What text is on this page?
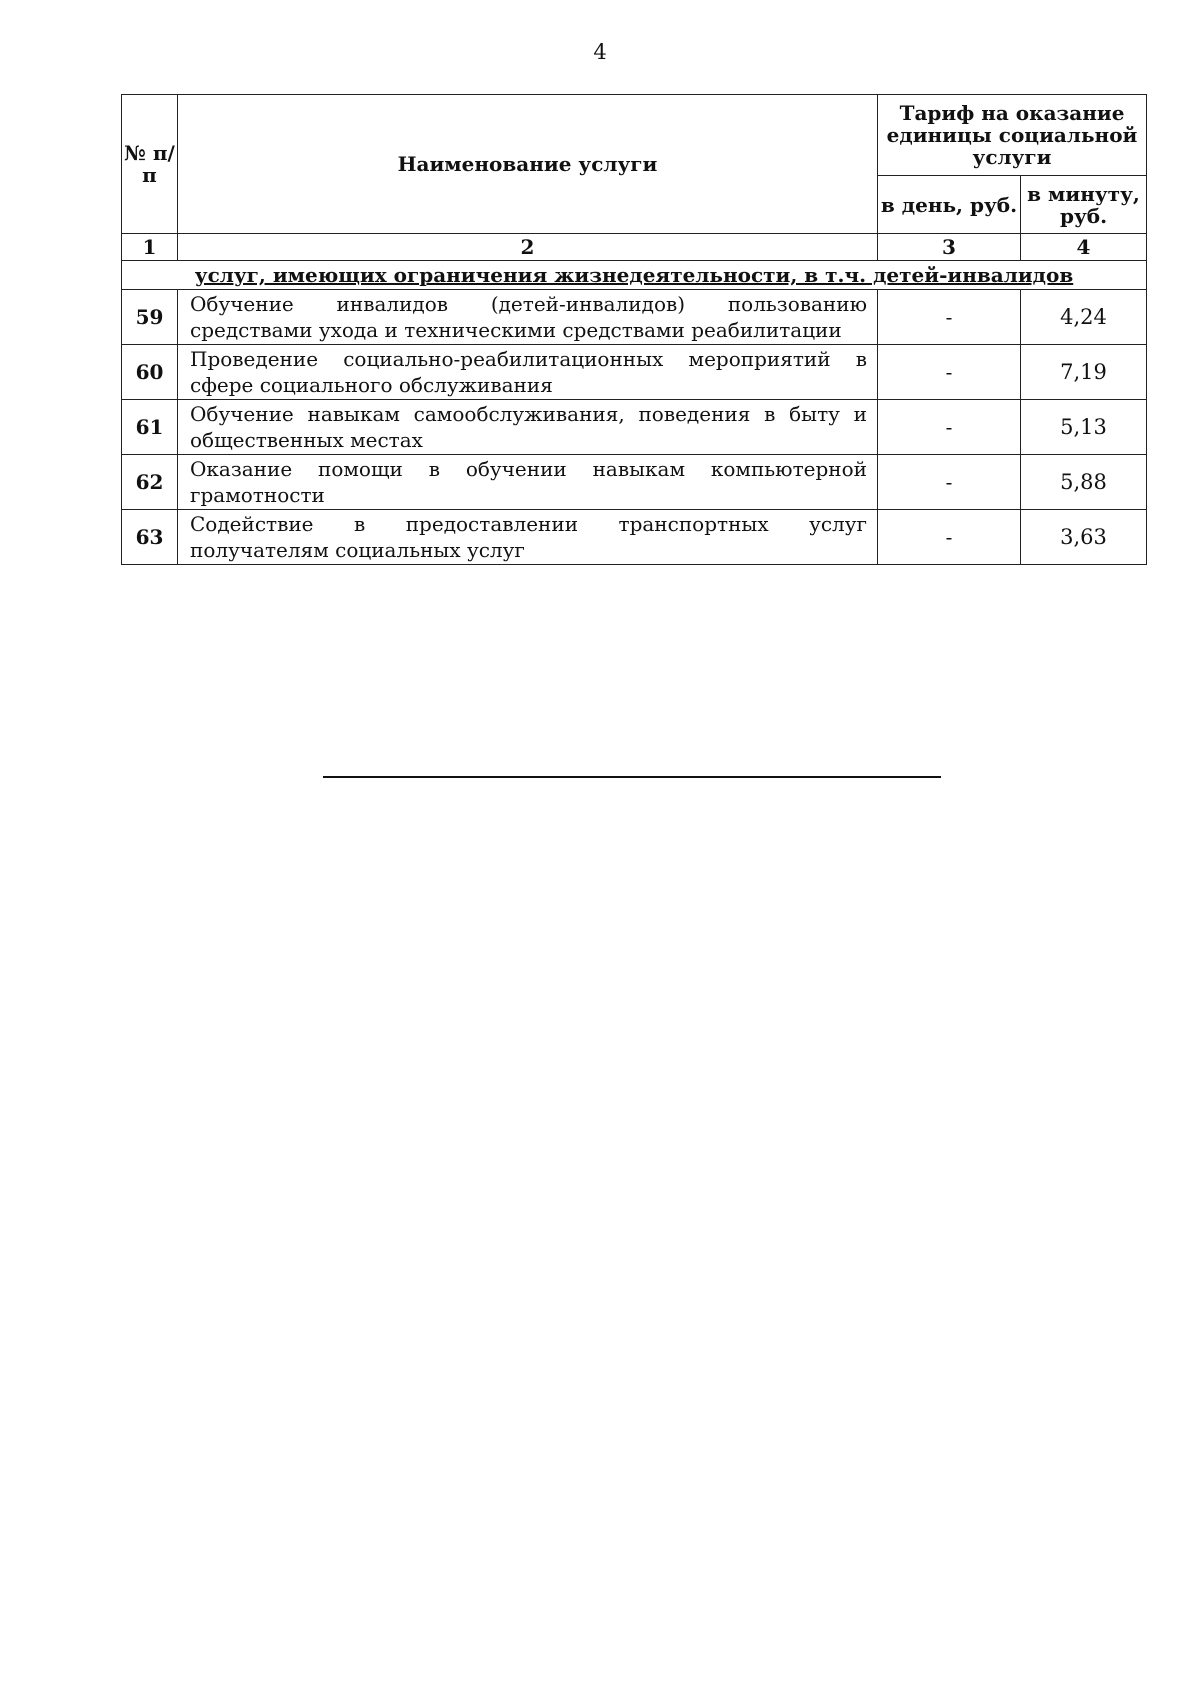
4
№ п/п	Наименование услуги	Тариф на оказание единицы социальной услуги	
		в день, руб.	в минуту, руб.
1	2	3	4
услуг, имеющих ограничения жизнедеятельности, в т.ч. детей-инвалидов			
59	Обучение инвалидов (детей-инвалидов) пользованию средствами ухода и техническими средствами реабилитации	-	4,24
60	Проведение социально-реабилитационных мероприятий в сфере социального обслуживания	-	7,19
61	Обучение навыкам самообслуживания, поведения в быту и общественных местах	-	5,13
62	Оказание помощи в обучении навыкам компьютерной грамотности	-	5,88
63	Содействие в предоставлении транспортных услуг получателям социальных услуг	-	3,63
